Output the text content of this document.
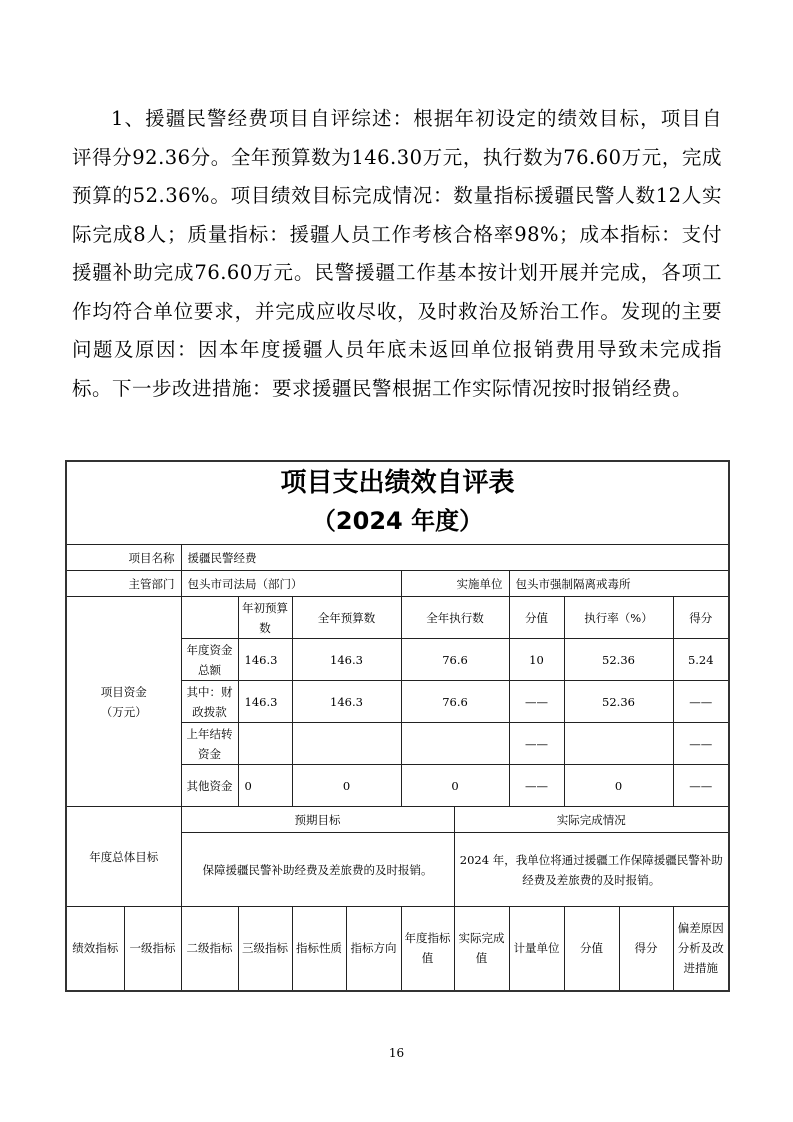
1、援疆民警经费项目自评综述：根据年初设定的绩效目标，项目自评得分92.36分。全年预算数为146.30万元，执行数为76.60万元，完成预算的52.36%。项目绩效目标完成情况：数量指标援疆民警人数12人实际完成8人；质量指标：援疆人员工作考核合格率98%；成本指标：支付援疆补助完成76.60万元。民警援疆工作基本按计划开展并完成，各项工作均符合单位要求，并完成应收尽收，及时救治及矫治工作。发现的主要问题及原因：因本年度援疆人员年底未返回单位报销费用导致未完成指标。下一步改进措施：要求援疆民警根据工作实际情况按时报销经费。

项目支出绩效自评表
（2024 年度）											

项目名称		援疆民警经费									
主管部门		包头市司法局（部门）				实施单位		包头市强制隔离戒毒所			

项目资金
（万元）			年初预算数	全年预算数		全年执行数		分值	执行率（%）		得分
		年度资金总额	146.3	146.3		76.6		10	52.36		5.24
		其中：财政拨款	146.3	146.3		76.6		——	52.36		——
		上年结转资金						——			——
		其他资金	0	0		0		——	0		——
年度总体目标		预期目标					实际完成情况				
		保障援疆民警补助经费及差旅费的及时报销。					2024 年，我单位将通过援疆工作保障援疆民警补助经费及差旅费的及时报销。				
绩效指标	一级指标	二级指标	三级指标	指标性质	指标方向	年度指标值	实际完成值	计量单位	分值	得分	偏差原因分析及改进措施
16
